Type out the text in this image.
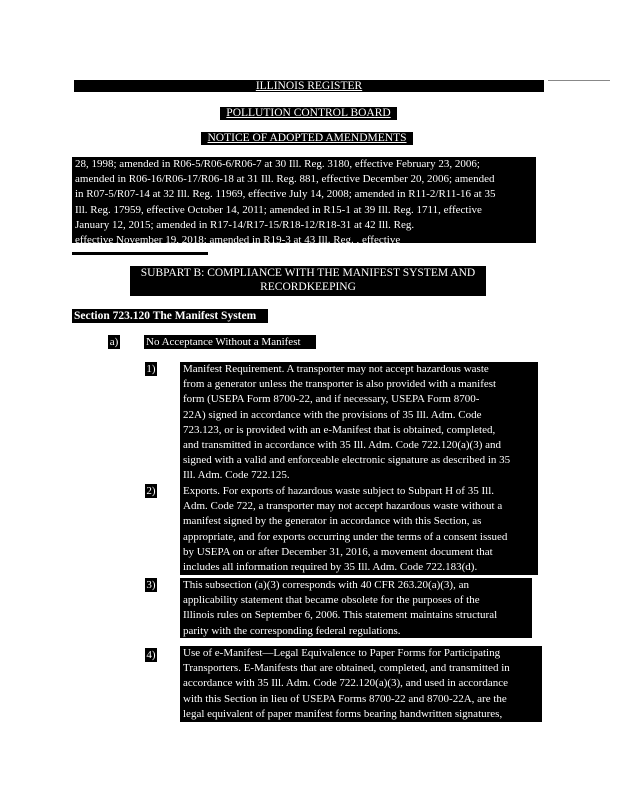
ILLINOIS REGISTER
POLLUTION CONTROL BOARD
NOTICE OF ADOPTED AMENDMENTS
28, 1998; amended in R06-5/R06-6/R06-7 at 30 Ill. Reg. 3180, effective February 23, 2006;
amended in R06-16/R06-17/R06-18 at 31 Ill. Reg. 881, effective December 20, 2006; amended
in R07-5/R07-14 at 32 Ill. Reg. 11969, effective July 14, 2008; amended in R11-2/R11-16 at 35
Ill. Reg. 17959, effective October 14, 2011; amended in R15-1 at 39 Ill. Reg. 1711, effective
January 12, 2015; amended in R17-14/R17-15/R18-12/R18-31 at 42 Ill. Reg.
effective November 19, 2018; amended in R19-3 at 43 Ill. Reg. , effective
SUBPART B: COMPLIANCE WITH THE MANIFEST SYSTEM AND
RECORDKEEPING
Section 723.120 The Manifest System
a)	No Acceptance Without a Manifest
1) Manifest Requirement. A transporter may not accept hazardous waste
from a generator unless the transporter is also provided with a manifest
form (USEPA Form 8700-22, and if necessary, USEPA Form 8700-
22A) signed in accordance with the provisions of 35 Ill. Adm. Code
723.123, or is provided with an e-Manifest that is obtained, completed,
and transmitted in accordance with 35 Ill. Adm. Code 722.120(a)(3) and
signed with a valid and enforceable electronic signature as described in 35
Ill. Adm. Code 722.125.
2) Exports. For exports of hazardous waste subject to Subpart H of 35 Ill.
Adm. Code 722, a transporter may not accept hazardous waste without a
manifest signed by the generator in accordance with this Section, as
appropriate, and for exports occurring under the terms of a consent issued
by USEPA on or after December 31, 2016, a movement document that
includes all information required by 35 Ill. Adm. Code 722.183(d).
3) This subsection (a)(3) corresponds with 40 CFR 263.20(a)(3), an
applicability statement that became obsolete for the purposes of the
Illinois rules on September 6, 2006. This statement maintains structural
parity with the corresponding federal regulations.
4) Use of e-Manifest—Legal Equivalence to Paper Forms for Participating
Transporters. E-Manifests that are obtained, completed, and transmitted in
accordance with 35 Ill. Adm. Code 722.120(a)(3), and used in accordance
with this Section in lieu of USEPA Forms 8700-22 and 8700-22A, are the
legal equivalent of paper manifest forms bearing handwritten signatures,
